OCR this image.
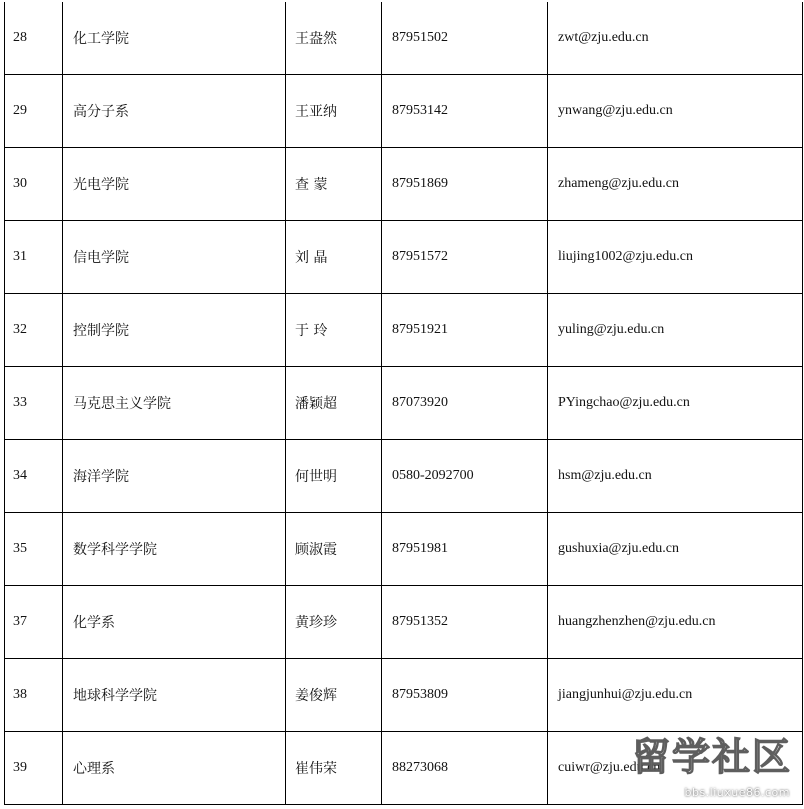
28	化工学院	王盎然	87951502	zwt@zju.edu.cn
29	高分子系	王亚纳	87953142	ynwang@zju.edu.cn
30	光电学院	查 蒙	87951869	zhameng@zju.edu.cn
31	信电学院	刘 晶	87951572	liujing1002@zju.edu.cn
32	控制学院	于 玲	87951921	yuling@zju.edu.cn
33	马克思主义学院	潘颖超	87073920	PYingchao@zju.edu.cn
34	海洋学院	何世明	0580-2092700	hsm@zju.edu.cn
35	数学科学学院	顾淑霞	87951981	gushuxia@zju.edu.cn
37	化学系	黄珍珍	87951352	huangzhenzhen@zju.edu.cn
38	地球科学学院	姜俊辉	87953809	jiangjunhui@zju.edu.cn
39	心理系	崔伟荣	88273068	cuiwr@zju.edu.cn
留学社区
bbs.liuxue86.com
